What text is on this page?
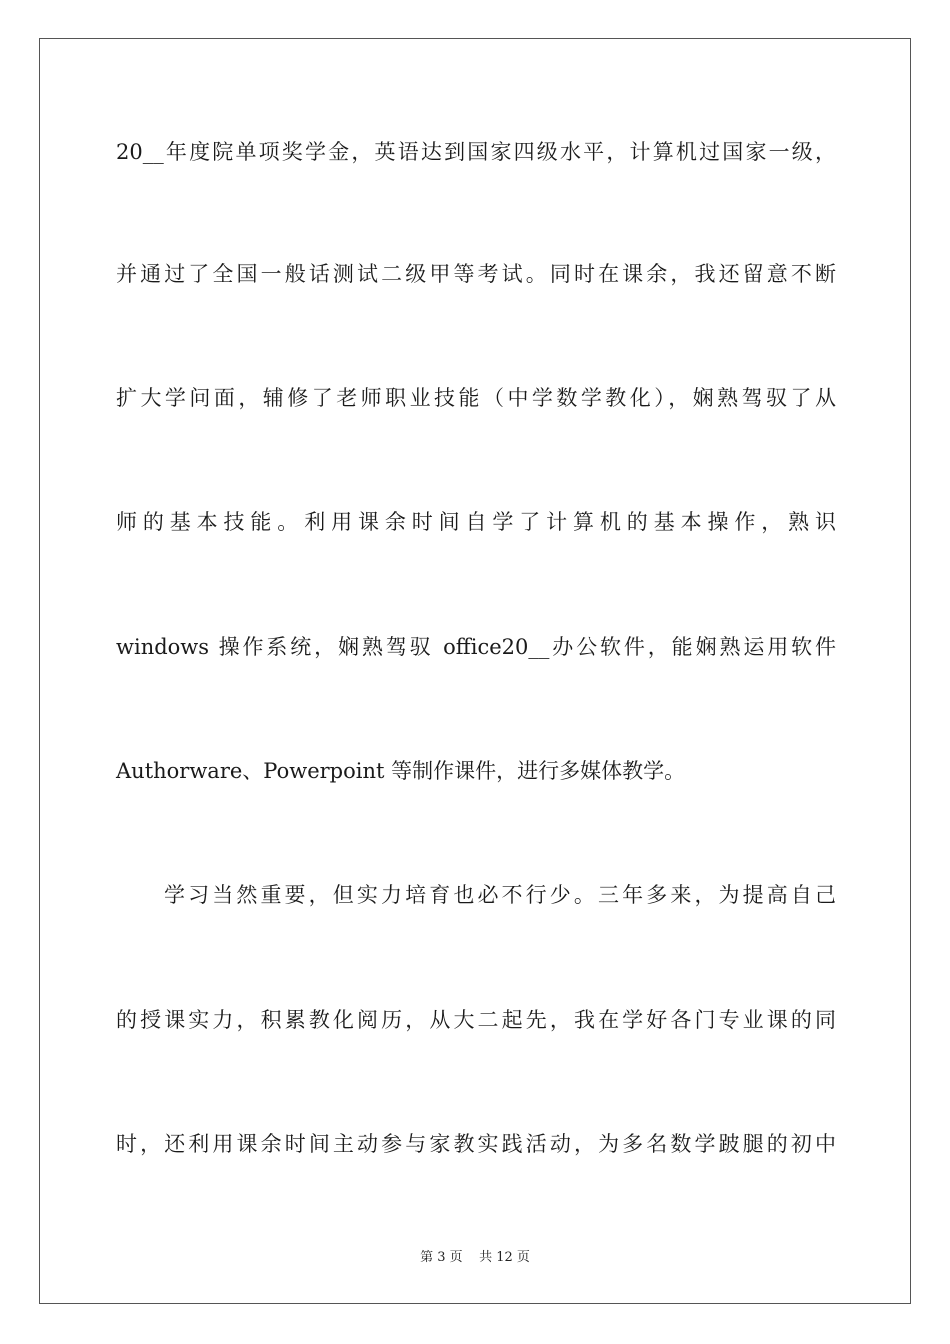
20__年度院单项奖学金，英语达到国家四级水平，计算机过国家一级，
并通过了全国一般话测试二级甲等考试。同时在课余，我还留意不断
扩大学问面，辅修了老师职业技能（中学数学教化），娴熟驾驭了从
师的基本技能。利用课余时间自学了计算机的基本操作，熟识
windows 操作系统，娴熟驾驭 office20__办公软件，能娴熟运用软件
Authorware、Powerpoint 等制作课件，进行多媒体教学。
学习当然重要，但实力培育也必不行少。三年多来，为提高自己
的授课实力，积累教化阅历，从大二起先，我在学好各门专业课的同
时，还利用课余时间主动参与家教实践活动，为多名数学跛腿的初中
第 3 页    共 12 页
